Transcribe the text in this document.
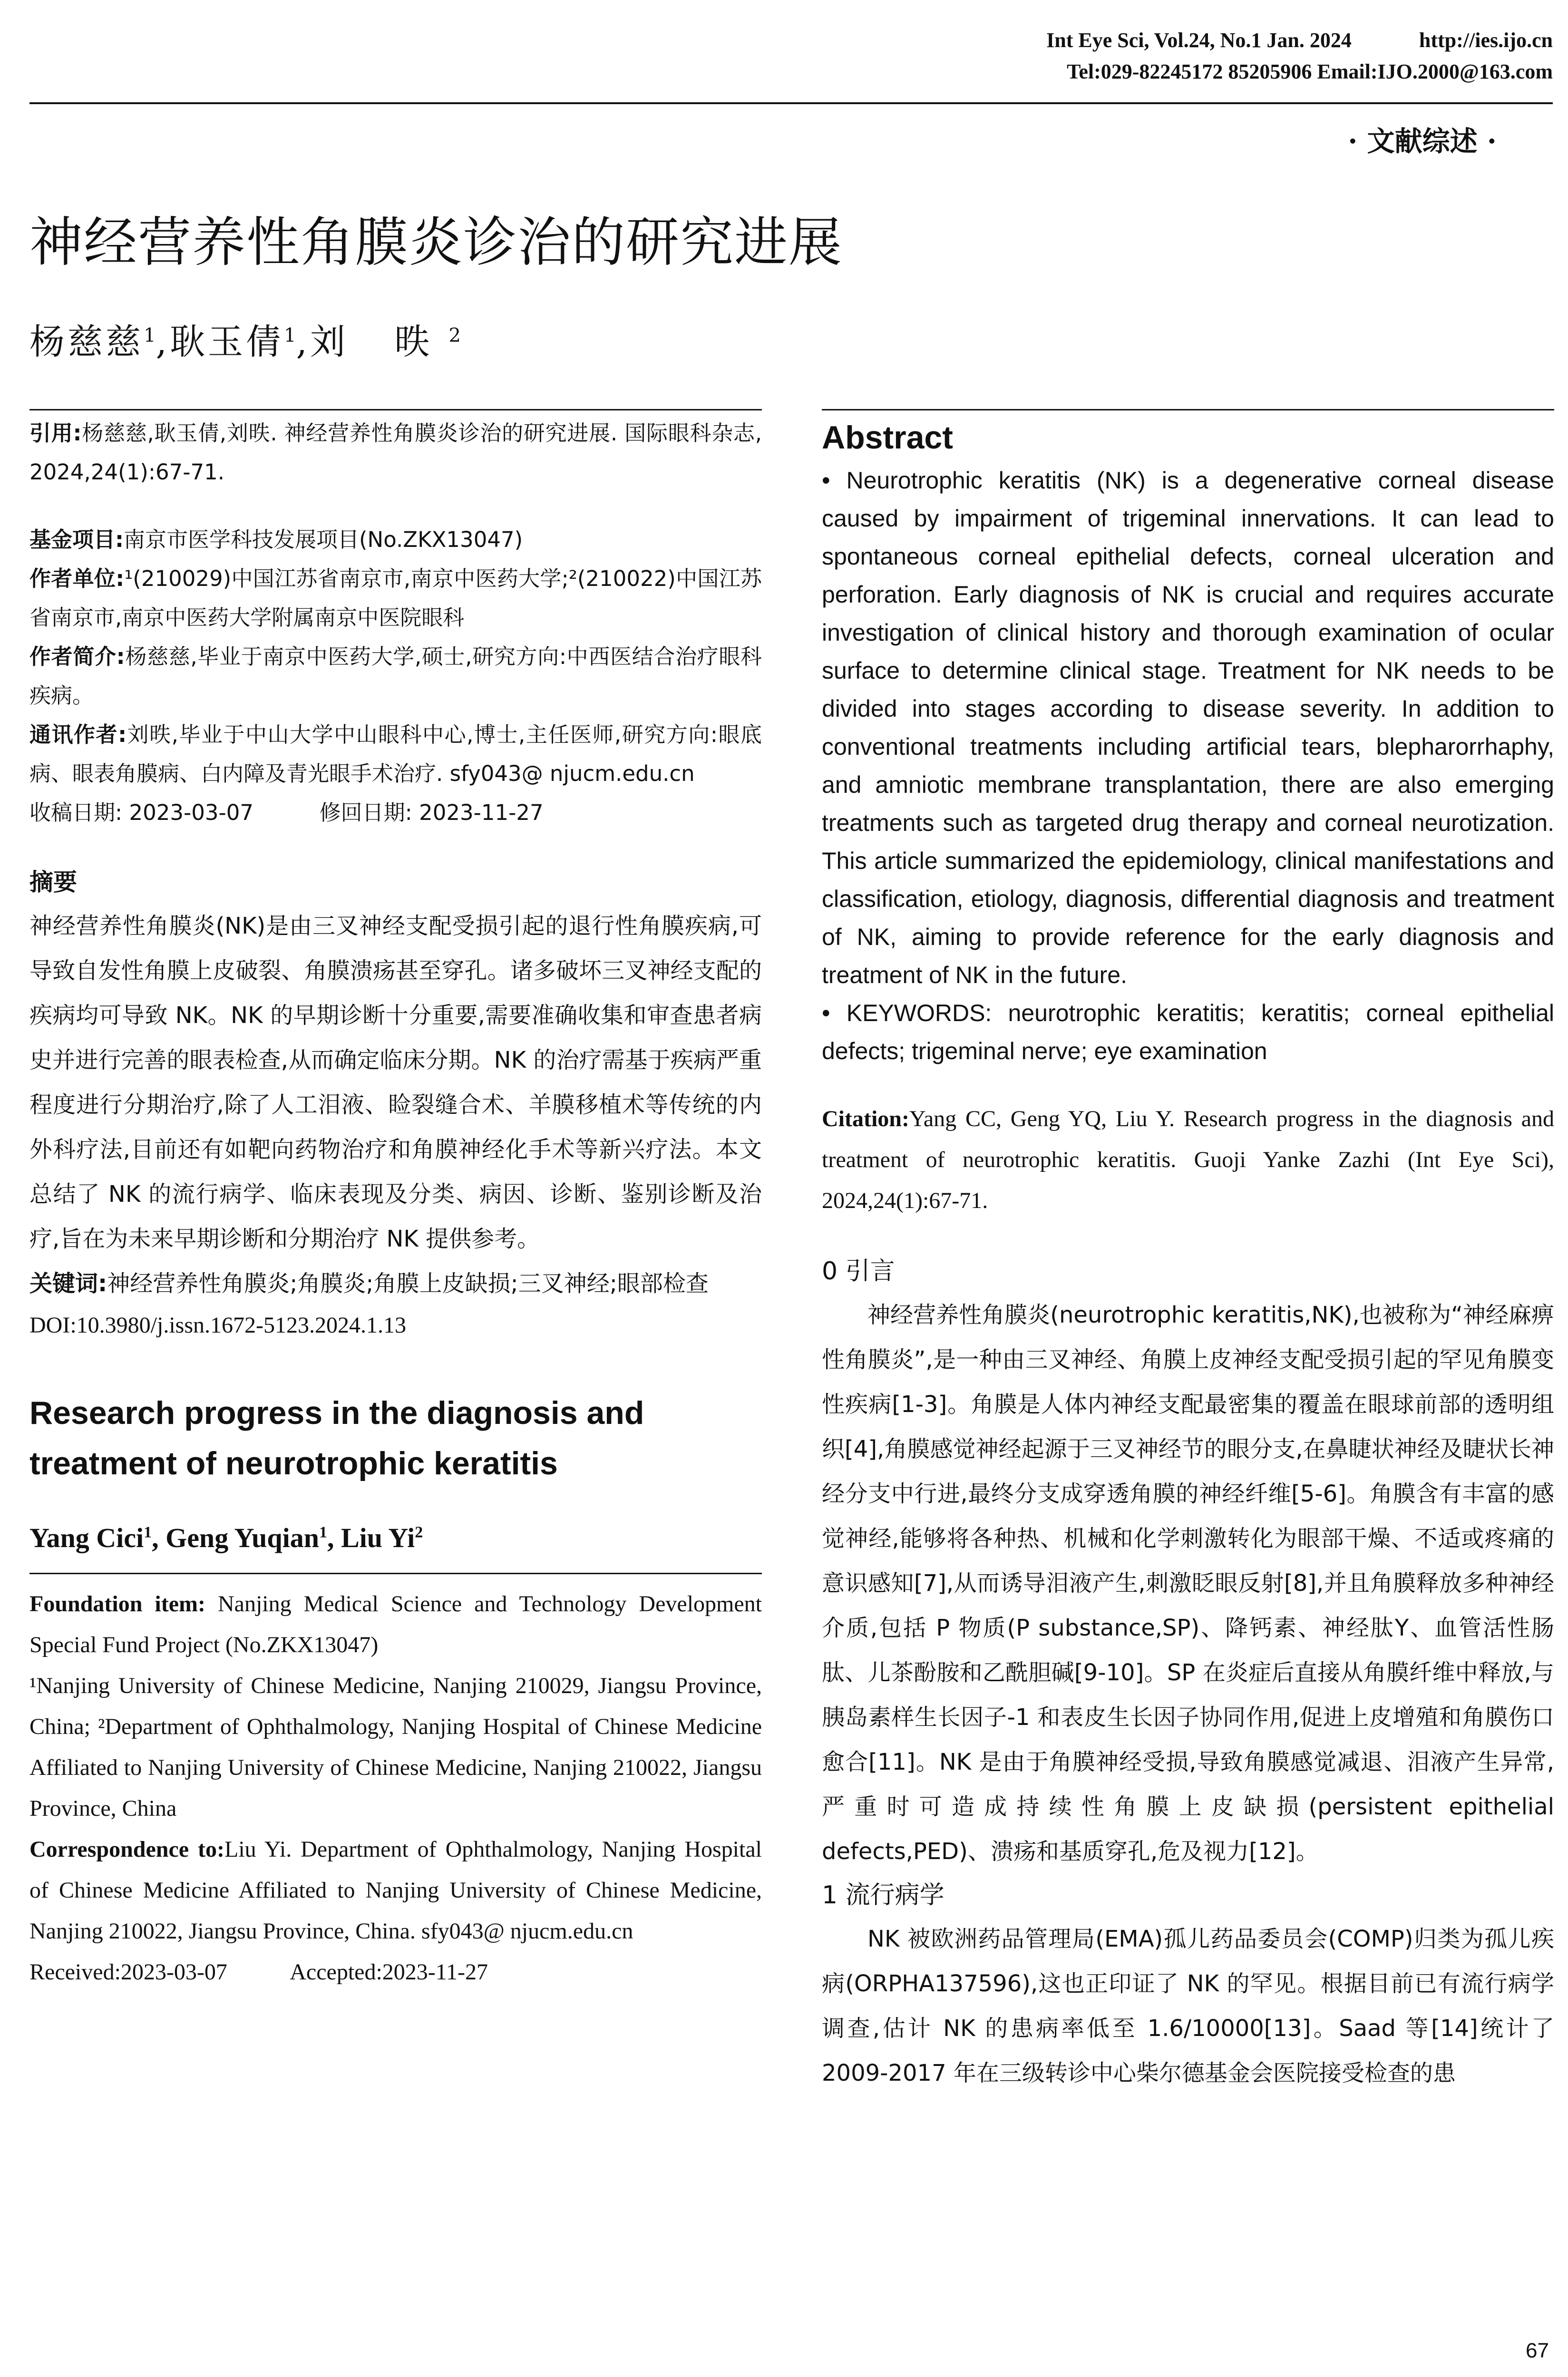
Int Eye Sci, Vol.24, No.1 Jan. 2024	http://ies.ijo.cn
Tel:029-82245172 85205906 Email:IJO.2000@163.com
· 文献综述 ·
神经营养性角膜炎诊治的研究进展
杨慈慈$^1$,耿玉倩$^1$,刘 昳$^2$

引用:杨慈慈,耿玉倩,刘昳. 神经营养性角膜炎诊治的研究进展. 国际眼科杂志, 2024,24(1):67-71.

基金项目:南京市医学科技发展项目(No.ZKX13047)

作者单位:¹(210029)中国江苏省南京市,南京中医药大学;²(210022)中国江苏省南京市,南京中医药大学附属南京中医院眼科

作者简介:杨慈慈,毕业于南京中医药大学,硕士,研究方向:中西医结合治疗眼科疾病。

通讯作者:刘昳,毕业于中山大学中山眼科中心,博士,主任医师,研究方向:眼底病、眼表角膜病、白内障及青光眼手术治疗. sfy043@ njucm.edu.cn

收稿日期: 2023-03-07	修回日期: 2023-11-27

摘要

神经营养性角膜炎(NK)是由三叉神经支配受损引起的退行性角膜疾病,可导致自发性角膜上皮破裂、角膜溃疡甚至穿孔。诸多破坏三叉神经支配的疾病均可导致 NK。NK 的早期诊断十分重要,需要准确收集和审查患者病史并进行完善的眼表检查,从而确定临床分期。NK 的治疗需基于疾病严重程度进行分期治疗,除了人工泪液、睑裂缝合术、羊膜移植术等传统的内外科疗法,目前还有如靶向药物治疗和角膜神经化手术等新兴疗法。本文总结了 NK 的流行病学、临床表现及分类、病因、诊断、鉴别诊断及治疗,旨在为未来早期诊断和分期治疗 NK 提供参考。

关键词:神经营养性角膜炎;角膜炎;角膜上皮缺损;三叉神经;眼部检查

DOI:10.3980/j.issn.1672-5123.2024.1.13

Research progress in the diagnosis and treatment of neurotrophic keratitis

Yang Cici$^1$, Geng Yuqian$^1$, Liu Yi$^2$

Foundation item: Nanjing Medical Science and Technology Development Special Fund Project (No.ZKX13047)

¹Nanjing University of Chinese Medicine, Nanjing 210029, Jiangsu Province, China; ²Department of Ophthalmology, Nanjing Hospital of Chinese Medicine Affiliated to Nanjing University of Chinese Medicine, Nanjing 210022, Jiangsu Province, China

Correspondence to:Liu Yi. Department of Ophthalmology, Nanjing Hospital of Chinese Medicine Affiliated to Nanjing University of Chinese Medicine, Nanjing 210022, Jiangsu Province, China. sfy043@ njucm.edu.cn

Received:2023-03-07	Accepted:2023-11-27

Abstract

• Neurotrophic keratitis (NK) is a degenerative corneal disease caused by impairment of trigeminal innervations. It can lead to spontaneous corneal epithelial defects, corneal ulceration and perforation. Early diagnosis of NK is crucial and requires accurate investigation of clinical history and thorough examination of ocular surface to determine clinical stage. Treatment for NK needs to be divided into stages according to disease severity. In addition to conventional treatments including artificial tears, blepharorrhaphy, and amniotic membrane transplantation, there are also emerging treatments such as targeted drug therapy and corneal neurotization. This article summarized the epidemiology, clinical manifestations and classification, etiology, diagnosis, differential diagnosis and treatment of NK, aiming to provide reference for the early diagnosis and treatment of NK in the future.

• KEYWORDS: neurotrophic keratitis; keratitis; corneal epithelial defects; trigeminal nerve; eye examination

Citation:Yang CC, Geng YQ, Liu Y. Research progress in the diagnosis and treatment of neurotrophic keratitis. Guoji Yanke Zazhi (Int Eye Sci), 2024,24(1):67-71.

0 引言

神经营养性角膜炎(neurotrophic keratitis,NK),也被称为“神经麻痹性角膜炎”,是一种由三叉神经、角膜上皮神经支配受损引起的罕见角膜变性疾病[1-3]。角膜是人体内神经支配最密集的覆盖在眼球前部的透明组织[4],角膜感觉神经起源于三叉神经节的眼分支,在鼻睫状神经及睫状长神经分支中行进,最终分支成穿透角膜的神经纤维[5-6]。角膜含有丰富的感觉神经,能够将各种热、机械和化学刺激转化为眼部干燥、不适或疼痛的意识感知[7],从而诱导泪液产生,刺激眨眼反射[8],并且角膜释放多种神经介质,包括 P 物质(P substance,SP)、降钙素、神经肽Y、血管活性肠肽、儿茶酚胺和乙酰胆碱[9-10]。SP 在炎症后直接从角膜纤维中释放,与胰岛素样生长因子-1 和表皮生长因子协同作用,促进上皮增殖和角膜伤口愈合[11]。NK 是由于角膜神经受损,导致角膜感觉减退、泪液产生异常,严重时可造成持续性角膜上皮缺损(persistent epithelial defects,PED)、溃疡和基质穿孔,危及视力[12]。

1 流行病学

NK 被欧洲药品管理局(EMA)孤儿药品委员会(COMP)归类为孤儿疾病(ORPHA137596),这也正印证了 NK 的罕见。根据目前已有流行病学调查,估计 NK 的患病率低至 1.6/10000[13]。Saad 等[14]统计了 2009-2017 年在三级转诊中心柴尔德基金会医院接受检查的患

67
